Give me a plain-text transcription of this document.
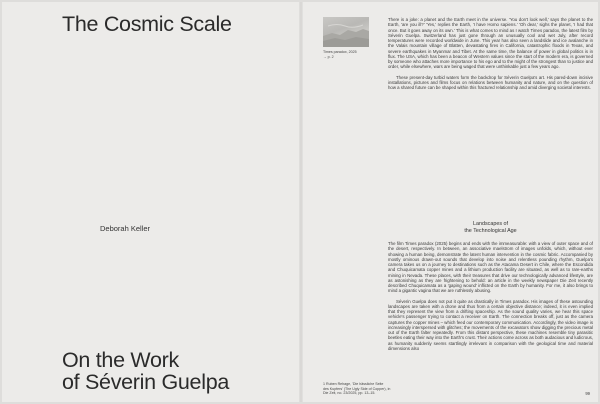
The Cosmic Scale
Deborah Keller
On the Work
of Séverin Guelpa
Times paradox, 2025
→ p. 2

There is a joke: a planet and the Earth meet in the universe. 'You don't look well,' says the planet to the Earth, 'are you ill?' 'Yes,' replies the Earth, 'I have Homo sapiens.' 'Oh dear,' sighs the planet, 'I had that once. But it goes away on its own.' This is what comes to mind as I watch Times paradox, the latest film by Séverin Guelpa. Switzerland has just gone through an unusually cool and wet July, after record temperatures were recorded worldwide in June. This year has also seen a landslide and ice avalanche in the Valais mountain village of Blatten, devastating fires in California, catastrophic floods in Texas, and severe earthquakes in Myanmar and Tibet. At the same time, the balance of power in global politics is in flux. The USA, which has been a beacon of Western values since the start of the modern era, is governed by someone who attaches more importance to his ego and to the might of the strongest than to justice and order, while elsewhere, wars are being waged that were unthinkable just a few years ago.

These present-day turbid waters form the backdrop for Séverin Guelpa's art. His pared-down incisive installations, pictures and films focus on relations between humanity and nature, and on the question of how a shared future can be shaped within this fractured relationship and amid diverging societal interests.

Landscapes of
the Technological Age

The film Times paradox (2025) begins and ends with the immeasurable: with a view of outer space and of the desert, respectively. In between, an associative maelstrom of images unfolds, which, without ever showing a human being, demonstrate the latent human intervention in the cosmic fabric. Accompanied by mostly ominous drawn-out sounds that develop into noise and relentless pounding rhythm, Guelpa's camera takes us on a journey to destinations such as the Atacama Desert in Chile, where the Escondida and Chuquicamata copper mines and a lithium production facility are situated, as well as to rare-earths mining in Nevada. These places, with their treasures that drive our technologically advanced lifestyle, are as astonishing as they are frightening to behold: an article in the weekly newspaper Die Zeit recently described Chuquicamata as a 'gaping wound' inflicted on the Earth by humanity. For me, it also brings to mind a gigantic vagina that we are ruthlessly abusing.

Séverin Guelpa does not put it quite as drastically in Times paradox. His images of these astounding landscapes are taken with a drone and thus from a certain objective distance; indeed, it is even implied that they represent the view from a drifting spaceship. As the sound quality varies, we hear this space vehicle's passenger trying to contact a receiver on Earth. The connection breaks off, just as the camera captures the copper mines – which feed our contemporary communication. Accordingly, the video image is increasingly interspersed with glitches; the movements of the excavators show digging the precious metal out of the Earth falter repeatedly. From this distant perspective, these machines resemble tiny parasitic beetles eating their way into the Earth's crust. Their actions come across as both audacious and ludicrous, as humanity suddenly seems startlingly irrelevant in comparison with the geological time and material dimensions also

1 Ruben Rehage, 'Die hässliche Seite
des Kupfers' (The Ugly Side of Copper), in
Die Zeit, no. 23/2025, pp. 13–15.	99
